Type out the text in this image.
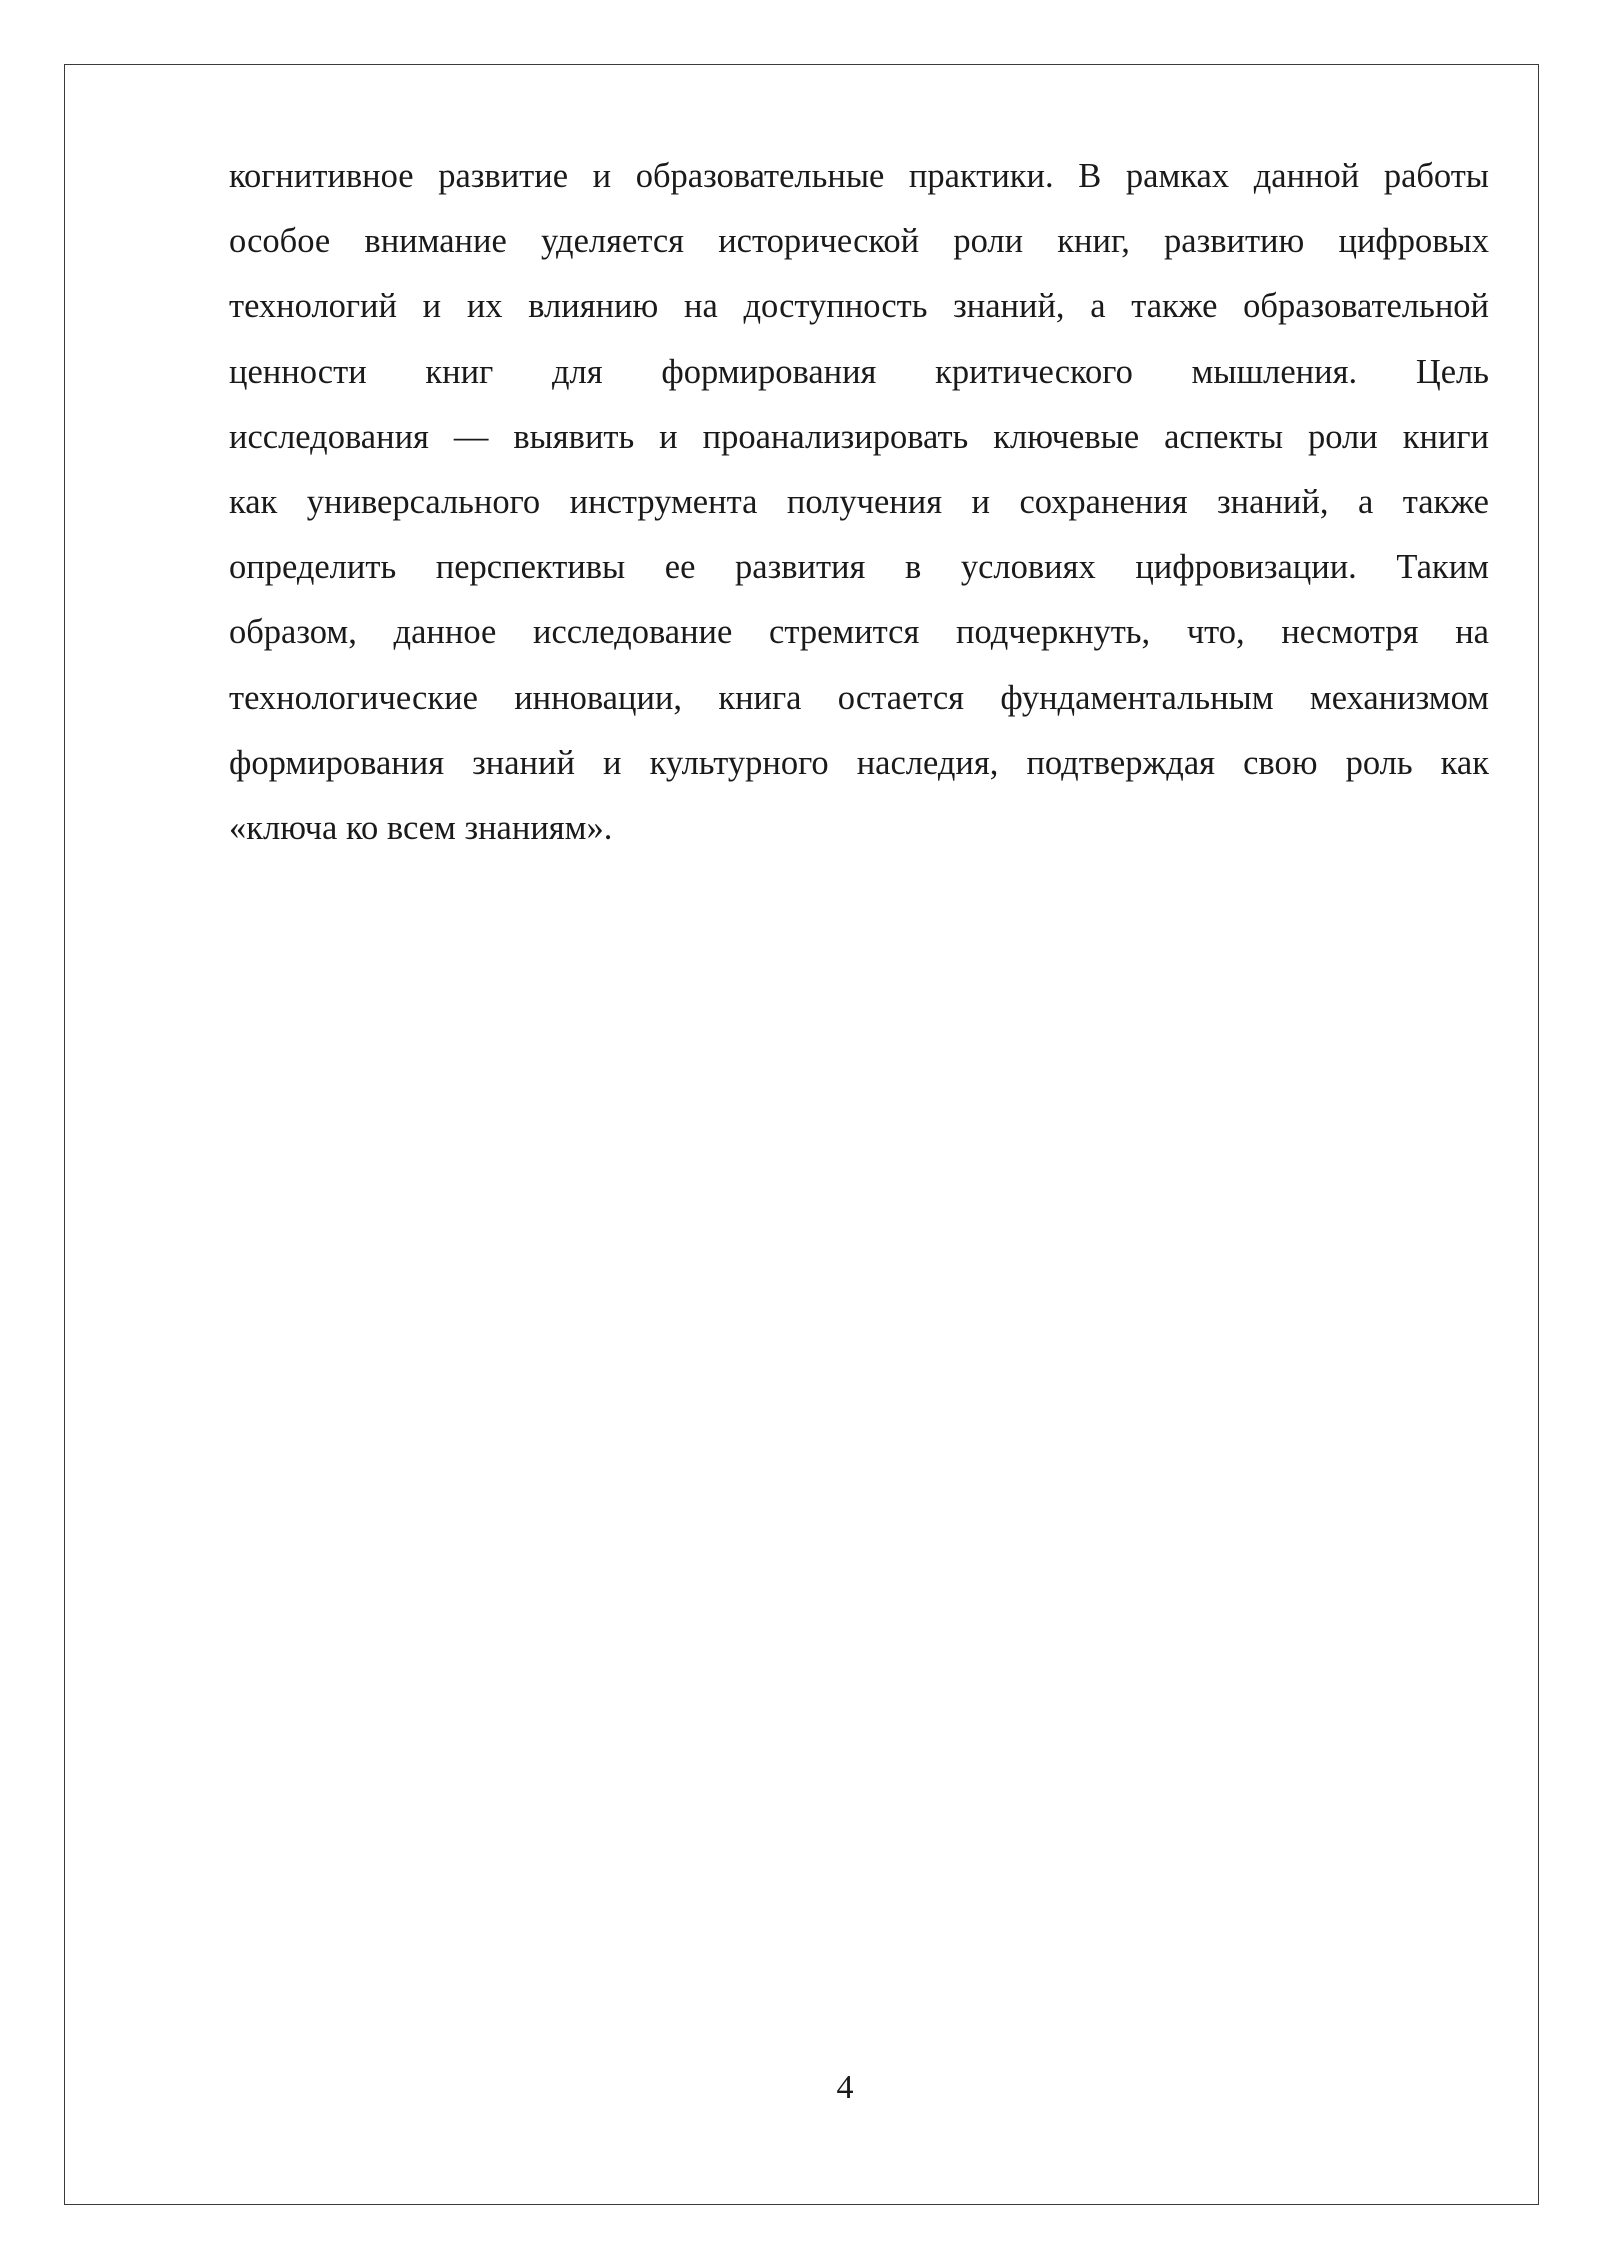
когнитивное развитие и образовательные практики. В рамках данной работы
особое внимание уделяется исторической роли книг, развитию цифровых
технологий и их влиянию на доступность знаний, а также образовательной
ценности книг для формирования критического мышления. Цель
исследования — выявить и проанализировать ключевые аспекты роли книги
как универсального инструмента получения и сохранения знаний, а также
определить перспективы ее развития в условиях цифровизации. Таким
образом, данное исследование стремится подчеркнуть, что, несмотря на
технологические инновации, книга остается фундаментальным механизмом
формирования знаний и культурного наследия, подтверждая свою роль как
«ключа ко всем знаниям».
4
